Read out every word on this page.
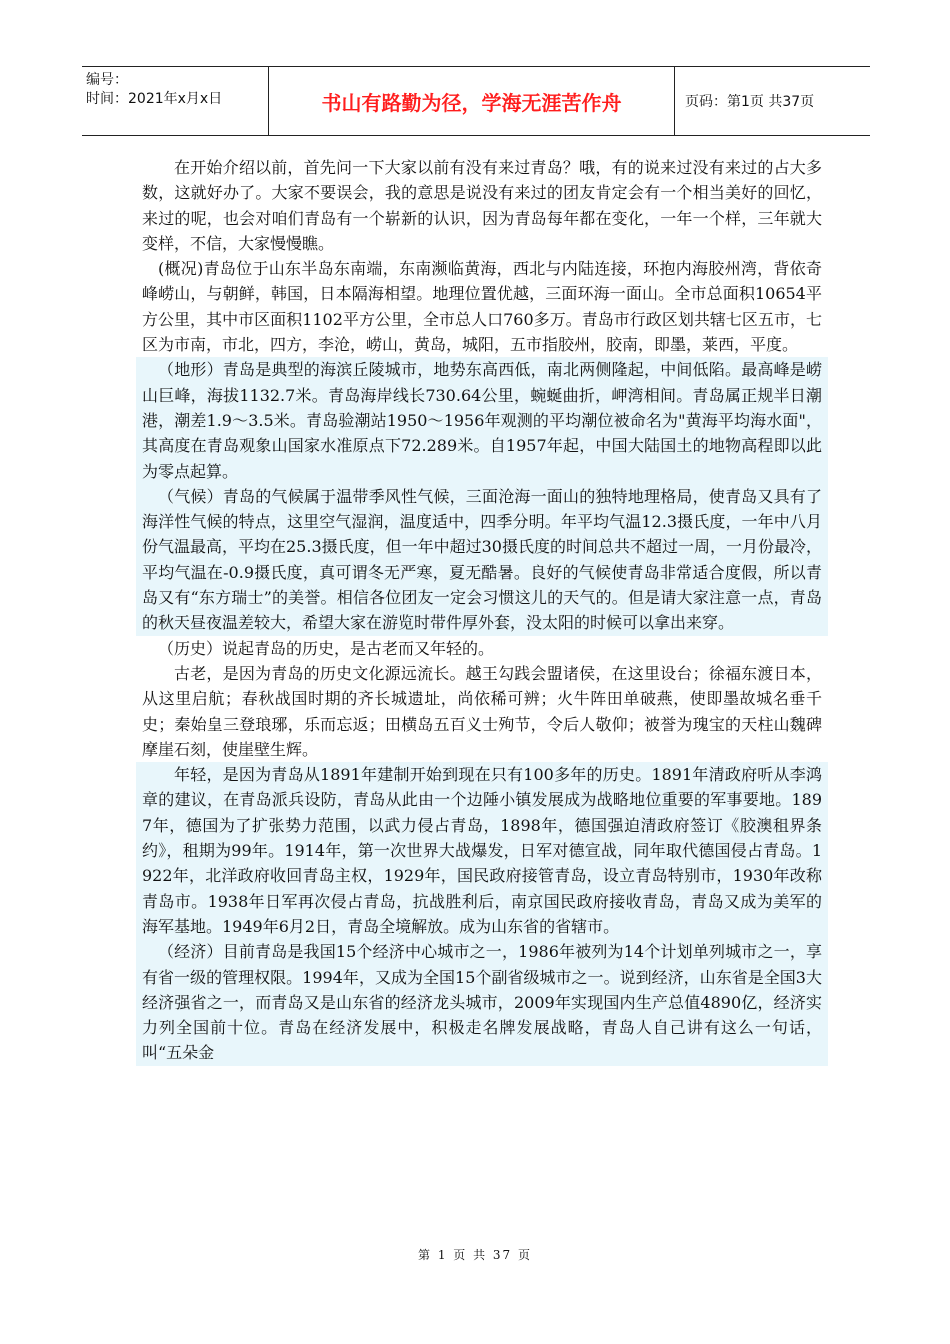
编号：
时间：2021年x月x日	书山有路勤为径，学海无涯苦作舟	页码：第1页 共37页

在开始介绍以前，首先问一下大家以前有没有来过青岛？哦，有的说来过没有来过的占大多数，这就好办了。大家不要误会，我的意思是说没有来过的团友肯定会有一个相当美好的回忆，来过的呢，也会对咱们青岛有一个崭新的认识，因为青岛每年都在变化，一年一个样，三年就大变样，不信，大家慢慢瞧。

(概况)青岛位于山东半岛东南端，东南濒临黄海，西北与内陆连接，环抱内海胶州湾，背依奇峰崂山，与朝鲜，韩国，日本隔海相望。地理位置优越，三面环海一面山。全市总面积10654平方公里，其中市区面积1102平方公里，全市总人口760多万。青岛市行政区划共辖七区五市，七区为市南，市北，四方，李沧，崂山，黄岛，城阳，五市指胶州，胶南，即墨，莱西，平度。

（地形）青岛是典型的海滨丘陵城市，地势东高西低，南北两侧隆起，中间低陷。最高峰是崂山巨峰，海拔1132.7米。青岛海岸线长730.64公里，蜿蜒曲折，岬湾相间。青岛属正规半日潮港，潮差1.9～3.5米。青岛验潮站1950～1956年观测的平均潮位被命名为"黄海平均海水面"，其高度在青岛观象山国家水准原点下72.289米。自1957年起，中国大陆国土的地物高程即以此为零点起算。

（气候）青岛的气候属于温带季风性气候，三面沧海一面山的独特地理格局，使青岛又具有了海洋性气候的特点，这里空气湿润，温度适中，四季分明。年平均气温12.3摄氏度，一年中八月份气温最高，平均在25.3摄氏度，但一年中超过30摄氏度的时间总共不超过一周，一月份最冷，平均气温在-0.9摄氏度，真可谓冬无严寒，夏无酷暑。良好的气候使青岛非常适合度假，所以青岛又有“东方瑞士”的美誉。相信各位团友一定会习惯这儿的天气的。但是请大家注意一点，青岛的秋天昼夜温差较大，希望大家在游览时带件厚外套，没太阳的时候可以拿出来穿。

（历史）说起青岛的历史，是古老而又年轻的。

古老，是因为青岛的历史文化源远流长。越王勾践会盟诸侯，在这里设台；徐福东渡日本，从这里启航；春秋战国时期的齐长城遗址，尚依稀可辨；火牛阵田单破燕，使即墨故城名垂千史；秦始皇三登琅琊，乐而忘返；田横岛五百义士殉节，令后人敬仰；被誉为瑰宝的天柱山魏碑摩崖石刻，使崖壁生辉。

年轻，是因为青岛从1891年建制开始到现在只有100多年的历史。1891年清政府听从李鸿章的建议，在青岛派兵设防，青岛从此由一个边陲小镇发展成为战略地位重要的军事要地。1897年，德国为了扩张势力范围，以武力侵占青岛，1898年，德国强迫清政府签订《胶澳租界条约》，租期为99年。1914年，第一次世界大战爆发，日军对德宣战，同年取代德国侵占青岛。1922年，北洋政府收回青岛主权，1929年，国民政府接管青岛，设立青岛特别市，1930年改称青岛市。1938年日军再次侵占青岛，抗战胜利后，南京国民政府接收青岛，青岛又成为美军的海军基地。1949年6月2日，青岛全境解放。成为山东省的省辖市。

（经济）目前青岛是我国15个经济中心城市之一，1986年被列为14个计划单列城市之一，享有省一级的管理权限。1994年，又成为全国15个副省级城市之一。说到经济，山东省是全国3大经济强省之一，而青岛又是山东省的经济龙头城市，2009年实现国内生产总值4890亿，经济实力列全国前十位。青岛在经济发展中，积极走名牌发展战略，青岛人自己讲有这么一句话，叫“五朵金

第 1 页 共 37 页
